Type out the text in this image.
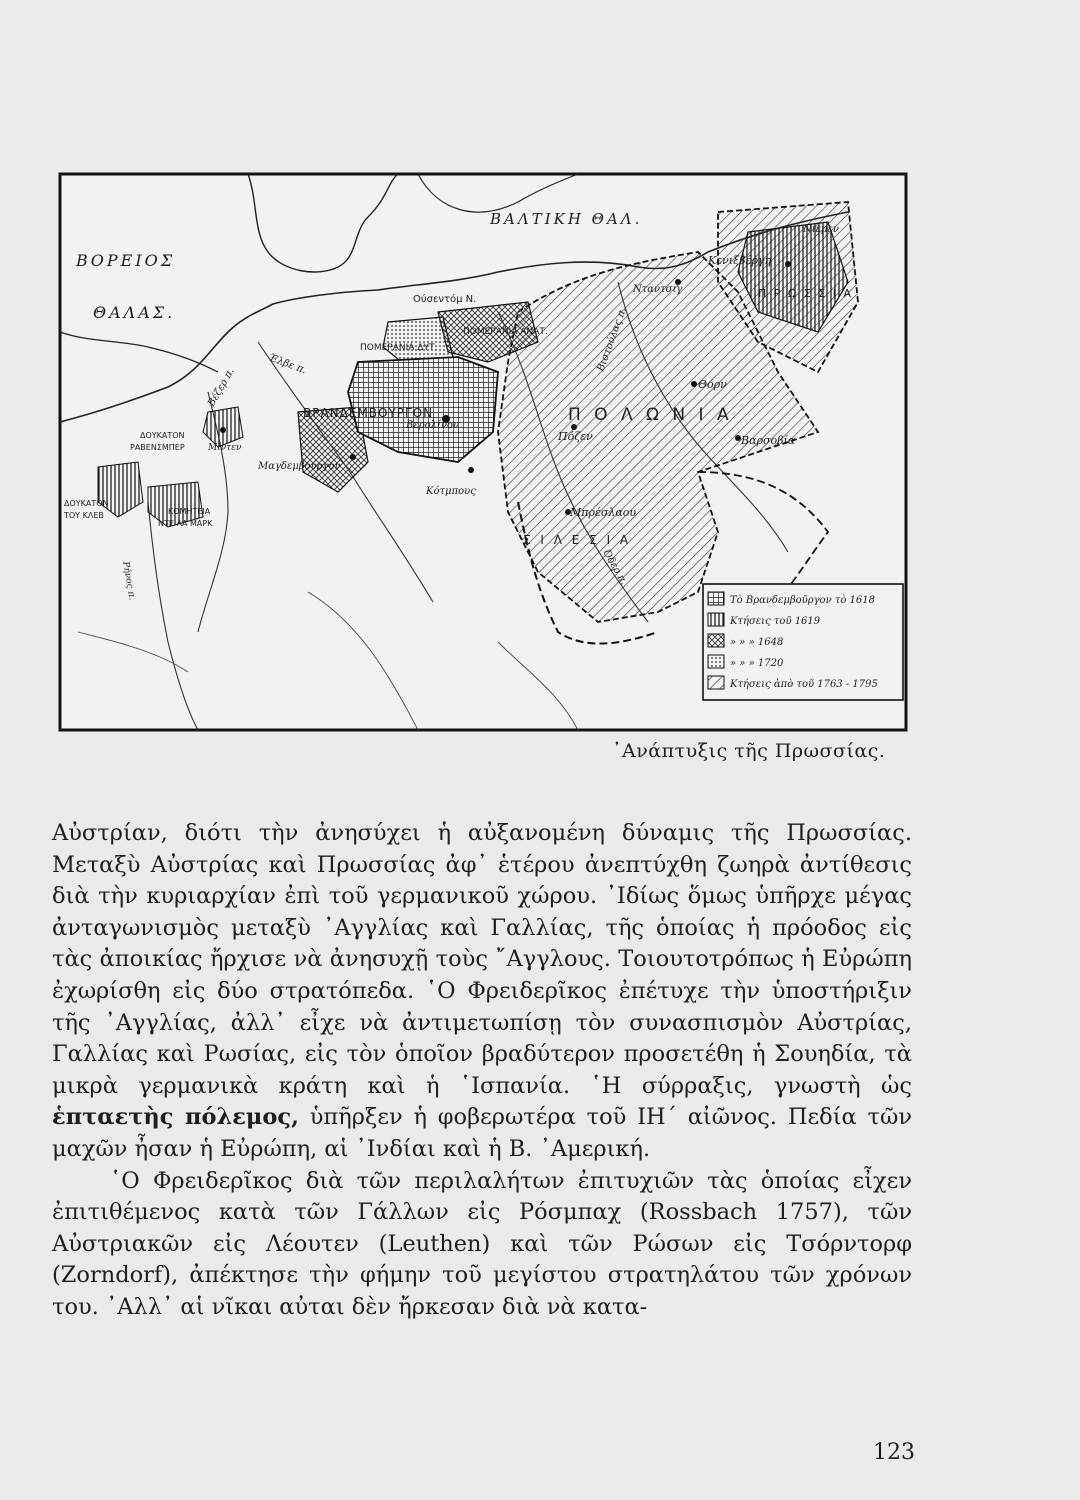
ΒΟΡΕΙΟΣ
ΘΑΛΑΣ.
ΒΑΛΤΙΚΗ ΘΑΛ.
Νίεμεν
Κενιξβέργη
Π Ρ Ω Σ Σ Ι Α
Νταντσιγ
Βιστούλας π.
Θόρν
Π Ο Λ Ω Ν Ι Α
Βαρσοβία
Πόζεν
Μπρέσλαου
Σ Ι Λ Ε Σ Ι Α
Όδερ π.
Ούσεντόμ Ν.
ΠΟΜΕΡΑΝΙΑ ΑΝΑΤ.
ΠΟΜΕΡΑΝΙΑ ΔΥΤ.
Έλβε π.
Βέζερ π.
ΒΡΑΝΔΕΜΒΟΥΡΓΟΝ
Βερολίνον
Μαγδεμβούργον
Κότμπους
ΔΟΥΚΑΤΟΝ
ΡΑΒΕΝΣΜΠΕΡ	Μίντεν
ΔΟΥΚΑΤΟΝ
ΤΟΥ ΚΛΕΒ	ΚΟΜΗΤΕΙΑ
ΝΤΕ ΛΑ ΜΑΡΚ
Ρήνος π.	Τὸ Βρανδεμβοῦργον τὸ 1618
Κτήσεις τοῦ 1619
» » » 1648
» » » 1720
Κτήσεις ἀπὸ τοῦ 1763 - 1795
᾿Ανάπτυξις τῆς Πρωσσίας.

Αὐστρίαν, διότι τὴν ἀνησύχει ἡ αὐξανομένη δύναμις τῆς Πρωσσίας. Μεταξὺ Αὐστρίας καὶ Πρωσσίας ἀφ᾿ ἑτέρου ἀνεπτύχθη ζωηρὰ ἀντίθεσις διὰ τὴν κυριαρχίαν ἐπὶ τοῦ γερμανικοῦ χώρου. ᾿Ιδίως ὅμως ὑπῆρχε μέγας ἀνταγωνισμὸς μεταξὺ ᾿Αγγλίας καὶ Γαλλίας, τῆς ὁποίας ἡ πρόοδος εἰς τὰς ἀποικίας ἤρχισε νὰ ἀνησυχῇ τοὺς ῎Αγγλους. Τοιουτοτρόπως ἡ Εὐρώπη ἐχωρίσθη εἰς δύο στρατόπεδα. ῾Ο Φρειδερῖκος ἐπέτυχε τὴν ὑποστήριξιν τῆς ᾿Αγγλίας, ἀλλ᾿ εἶχε νὰ ἀντιμετωπίσῃ τὸν συνασπισμὸν Αὐστρίας, Γαλλίας καὶ Ρωσίας, εἰς τὸν ὁποῖον βραδύτερον προσετέθη ἡ Σουηδία, τὰ μικρὰ γερμανικὰ κράτη καὶ ἡ ῾Ισπανία. ῾Η σύρραξις, γνωστὴ ὡς ἑπταετὴς πόλεμος, ὑπῆρξεν ἡ φοβερωτέρα τοῦ ΙΗ΄ αἰῶνος. Πεδία τῶν μαχῶν ἦσαν ἡ Εὐρώπη, αἱ ᾿Ινδίαι καὶ ἡ Β. ᾿Αμερική.

῾Ο Φρειδερῖκος διὰ τῶν περιλαλήτων ἐπιτυχιῶν τὰς ὁποίας εἶχεν ἐπιτιθέμενος κατὰ τῶν Γάλλων εἰς Ρόσμπαχ (Rossbach 1757), τῶν Αὐστριακῶν εἰς Λέουτεν (Leuthen) καὶ τῶν Ρώσων εἰς Τσόρντορφ (Zorndorf), ἀπέκτησε τὴν φήμην τοῦ μεγίστου στρατηλάτου τῶν χρόνων του. ᾿Αλλ᾿ αἱ νῖκαι αὐται δὲν ἤρκεσαν διὰ νὰ κατα-

123
